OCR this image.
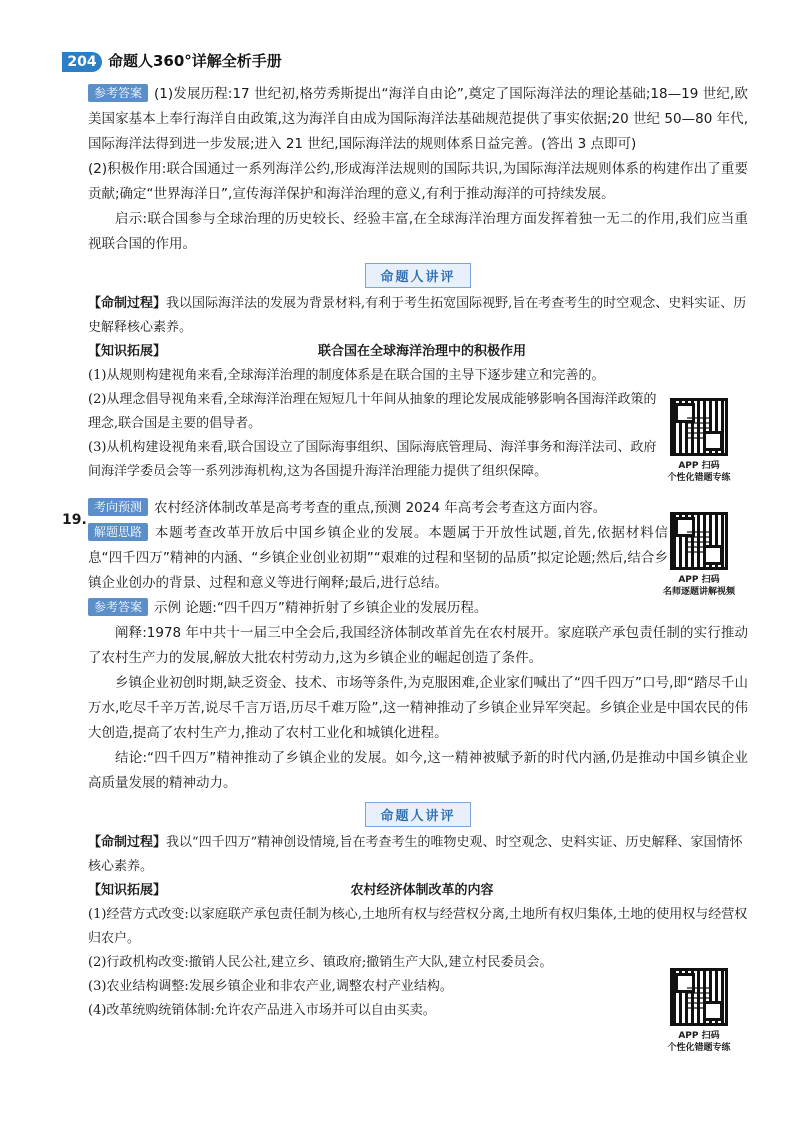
204 命题人360°详解全析手册

参考答案 (1)发展历程:17 世纪初,格劳秀斯提出“海洋自由论”,奠定了国际海洋法的理论基础;18—19 世纪,欧美国家基本上奉行海洋自由政策,这为海洋自由成为国际海洋法基础规范提供了事实依据;20 世纪 50—80 年代,国际海洋法得到进一步发展;进入 21 世纪,国际海洋法的规则体系日益完善。(答出 3 点即可)

(2)积极作用:联合国通过一系列海洋公约,形成海洋法规则的国际共识,为国际海洋法规则体系的构建作出了重要贡献;确定“世界海洋日”,宣传海洋保护和海洋治理的意义,有利于推动海洋的可持续发展。

启示:联合国参与全球治理的历史较长、经验丰富,在全球海洋治理方面发挥着独一无二的作用,我们应当重视联合国的作用。

命题人讲评

【命制过程】我以国际海洋法的发展为背景材料,有利于考生拓宽国际视野,旨在考查考生的时空观念、史料实证、历史解释核心素养。

【知识拓展】	联合国在全球海洋治理中的积极作用

(1)从规则构建视角来看,全球海洋治理的制度体系是在联合国的主导下逐步建立和完善的。

(2)从理念倡导视角来看,全球海洋治理在短短几十年间从抽象的理论发展成能够影响各国海洋政策的理念,联合国是主要的倡导者。

(3)从机构建设视角来看,联合国设立了国际海事组织、国际海底管理局、海洋事务和海洋法司、政府间海洋学委员会等一系列涉海机构,这为各国提升海洋治理能力提供了组织保障。

考向预测 农村经济体制改革是高考考查的重点,预测 2024 年高考会考查这方面内容。

解题思路 本题考查改革开放后中国乡镇企业的发展。本题属于开放性试题,首先,依据材料信息“四千四万”精神的内涵、“乡镇企业创业初期”“艰难的过程和坚韧的品质”拟定论题;然后,结合乡镇企业创办的背景、过程和意义等进行阐释;最后,进行总结。

参考答案 示例 论题:“四千四万”精神折射了乡镇企业的发展历程。

阐释:1978 年中共十一届三中全会后,我国经济体制改革首先在农村展开。家庭联产承包责任制的实行推动了农村生产力的发展,解放大批农村劳动力,这为乡镇企业的崛起创造了条件。

乡镇企业初创时期,缺乏资金、技术、市场等条件,为克服困难,企业家们喊出了“四千四万”口号,即“踏尽千山万水,吃尽千辛万苦,说尽千言万语,历尽千难万险”,这一精神推动了乡镇企业异军突起。乡镇企业是中国农民的伟大创造,提高了农村生产力,推动了农村工业化和城镇化进程。

结论:“四千四万”精神推动了乡镇企业的发展。如今,这一精神被赋予新的时代内涵,仍是推动中国乡镇企业高质量发展的精神动力。

命题人讲评

【命制过程】我以“四千四万”精神创设情境,旨在考查考生的唯物史观、时空观念、史料实证、历史解释、家国情怀核心素养。

【知识拓展】	农村经济体制改革的内容

(1)经营方式改变:以家庭联产承包责任制为核心,土地所有权与经营权分离,土地所有权归集体,土地的使用权与经营权归农户。

(2)行政机构改变:撤销人民公社,建立乡、镇政府;撤销生产大队,建立村民委员会。

(3)农业结构调整:发展乡镇企业和非农产业,调整农村产业结构。

(4)改革统购统销体制:允许农产品进入市场并可以自由买卖。

19.
APP 扫码
个性化错题专练
APP 扫码
名师逐题讲解视频
APP 扫码
个性化错题专练
